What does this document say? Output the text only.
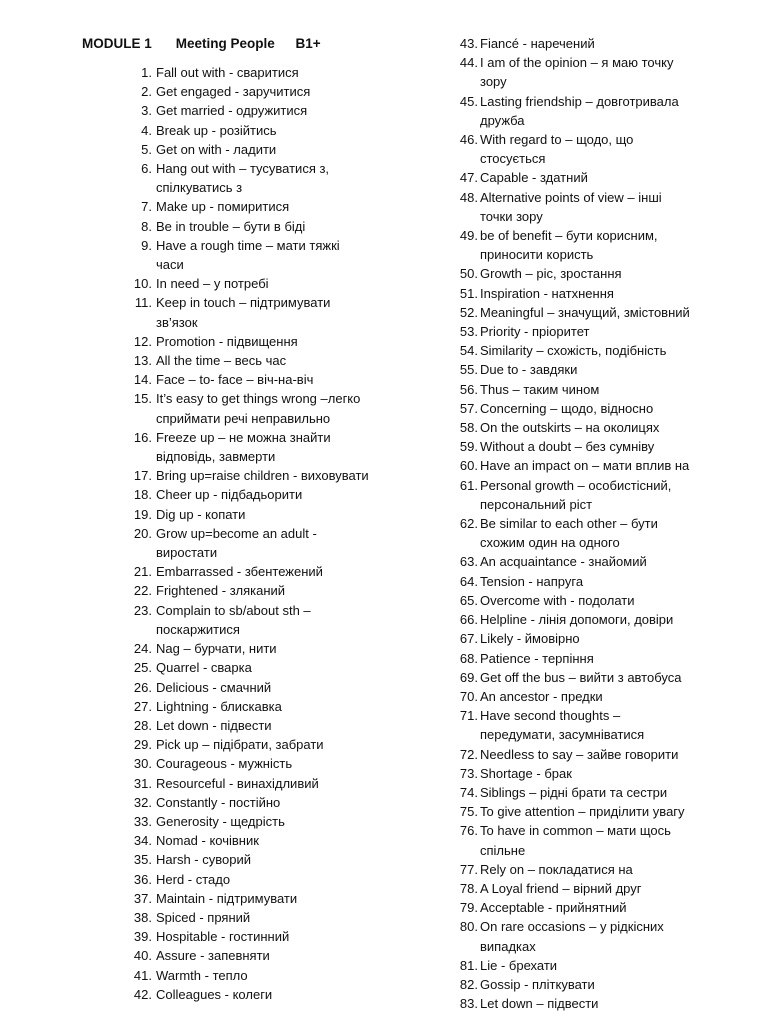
MODULE 1 Meeting People B1+
1. Fall out with - сваритися
2. Get engaged - заручитися
3. Get married - одружитися
4. Break up - розійтись
5. Get on with - ладити
6. Hang out with – тусуватися з,
спілкуватись з
7. Make up - помиритися
8. Be in trouble – бути в біді
9. Have a rough time – мати тяжкі
часи
10. In need – у потребі
11. Keep in touch – підтримувати
зв’язок
12. Promotion - підвищення
13. All the time – весь час
14. Face – to- face – віч-на-віч
15. It’s easy to get things wrong –легко
сприймати речі неправильно
16. Freeze up – не можна знайти
відповідь, завмерти
17. Bring up=raise children - виховувати
18. Cheer up - підбадьорити
19. Dig up - копати
20. Grow up=become an adult -
виростати
21. Embarrassed - збентежений
22. Frightened - зляканий
23. Complain to sb/about sth –
поскаржитися
24. Nag – бурчати, нити
25. Quarrel - сварка
26. Delicious - смачний
27. Lightning - блискавка
28. Let down - підвести
29. Pick up – підібрати, забрати
30. Courageous - мужність
31. Resourceful - винахідливий
32. Constantly - постійно
33. Generosity - щедрість
34. Nomad - кочівник
35. Harsh - суворий
36. Herd - стадо
37. Maintain - підтримувати
38. Spiced - пряний
39. Hospitable - гостинний
40. Assure - запевняти
41. Warmth - тепло
42. Colleagues - колеги
43. Fiancé - наречений
44. I am of the opinion – я маю точку
зору
45. Lasting friendship – довготривала
дружба
46. With regard to – щодо, що
стосується
47. Capable - здатний
48. Alternative points of view – інші
точки зору
49. be of benefit – бути корисним,
приносити користь
50. Growth – ріс, зростання
51. Inspiration - натхнення
52. Meaningful – значущий, змістовний
53. Priority - пріоритет
54. Similarity – схожість, подібність
55. Due to - завдяки
56. Thus – таким чином
57. Concerning – щодо, відносно
58. On the outskirts – на околицях
59. Without a doubt – без сумніву
60. Have an impact on – мати вплив на
61. Personal growth – особистісний,
персональний ріст
62. Be similar to each other – бути
схожим один на одного
63. An acquaintance - знайомий
64. Tension - напруга
65. Overcome with - подолати
66. Helpline - лінія допомоги, довіри
67. Likely - ймовірно
68. Patience - терпіння
69. Get off the bus – вийти з автобуса
70. An ancestor - предки
71. Have second thoughts –
передумати, засумніватися
72. Needless to say – зайве говорити
73. Shortage - брак
74. Siblings – рідні брати та сестри
75. To give attention – приділити увагу
76. To have in common – мати щось
спільне
77. Rely on – покладатися на
78. A Loyal friend – вірний друг
79. Acceptable - прийнятний
80. On rare occasions – у рідкісних
випадках
81. Lie - брехати
82. Gossip - пліткувати
83. Let down – підвести
